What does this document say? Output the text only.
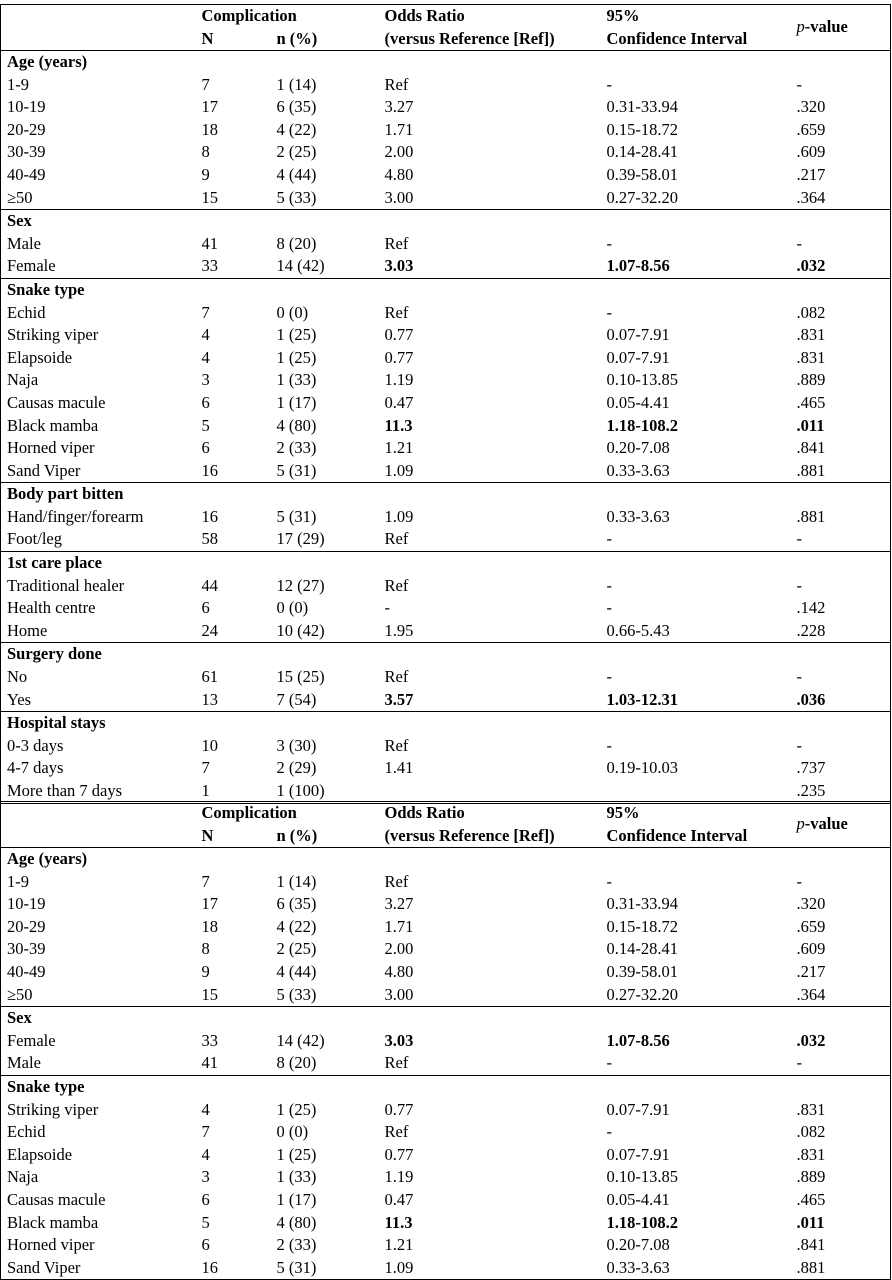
	Complication		Odds Ratio	95%	p-value
	N	n (%)	(versus Reference [Ref])	Confidence Interval	
Age (years)					
1-9	7	1 (14)	Ref	-	-
10-19	17	6 (35)	3.27	0.31-33.94	.320
20-29	18	4 (22)	1.71	0.15-18.72	.659
30-39	8	2 (25)	2.00	0.14-28.41	.609
40-49	9	4 (44)	4.80	0.39-58.01	.217
≥50	15	5 (33)	3.00	0.27-32.20	.364
Sex					
Male	41	8 (20)	Ref	-	-
Female	33	14 (42)	3.03	1.07-8.56	.032
Snake type					
Echid	7	0 (0)	Ref	-	.082
Striking viper	4	1 (25)	0.77	0.07-7.91	.831
Elapsoide	4	1 (25)	0.77	0.07-7.91	.831
Naja	3	1 (33)	1.19	0.10-13.85	.889
Causas macule	6	1 (17)	0.47	0.05-4.41	.465
Black mamba	5	4 (80)	11.3	1.18-108.2	.011
Horned viper	6	2 (33)	1.21	0.20-7.08	.841
Sand Viper	16	5 (31)	1.09	0.33-3.63	.881
Body part bitten					
Hand/finger/forearm	16	5 (31)	1.09	0.33-3.63	.881
Foot/leg	58	17 (29)	Ref	-	-
1st care place					
Traditional healer	44	12 (27)	Ref	-	-
Health centre	6	0 (0)	-	-	.142
Home	24	10 (42)	1.95	0.66-5.43	.228
Surgery done					
No	61	15 (25)	Ref	-	-
Yes	13	7 (54)	3.57	1.03-12.31	.036
Hospital stays					
0-3 days	10	3 (30)	Ref	-	-
4-7 days	7	2 (29)	1.41	0.19-10.03	.737
More than 7 days	1	1 (100)			.235
	Complication		Odds Ratio	95%	p-value
	N	n (%)	(versus Reference [Ref])	Confidence Interval	
Age (years)					
1-9	7	1 (14)	Ref	-	-
10-19	17	6 (35)	3.27	0.31-33.94	.320
20-29	18	4 (22)	1.71	0.15-18.72	.659
30-39	8	2 (25)	2.00	0.14-28.41	.609
40-49	9	4 (44)	4.80	0.39-58.01	.217
≥50	15	5 (33)	3.00	0.27-32.20	.364
Sex					
Female	33	14 (42)	3.03	1.07-8.56	.032
Male	41	8 (20)	Ref	-	-
Snake type					
Striking viper	4	1 (25)	0.77	0.07-7.91	.831
Echid	7	0 (0)	Ref	-	.082
Elapsoide	4	1 (25)	0.77	0.07-7.91	.831
Naja	3	1 (33)	1.19	0.10-13.85	.889
Causas macule	6	1 (17)	0.47	0.05-4.41	.465
Black mamba	5	4 (80)	11.3	1.18-108.2	.011
Horned viper	6	2 (33)	1.21	0.20-7.08	.841
Sand Viper	16	5 (31)	1.09	0.33-3.63	.881
